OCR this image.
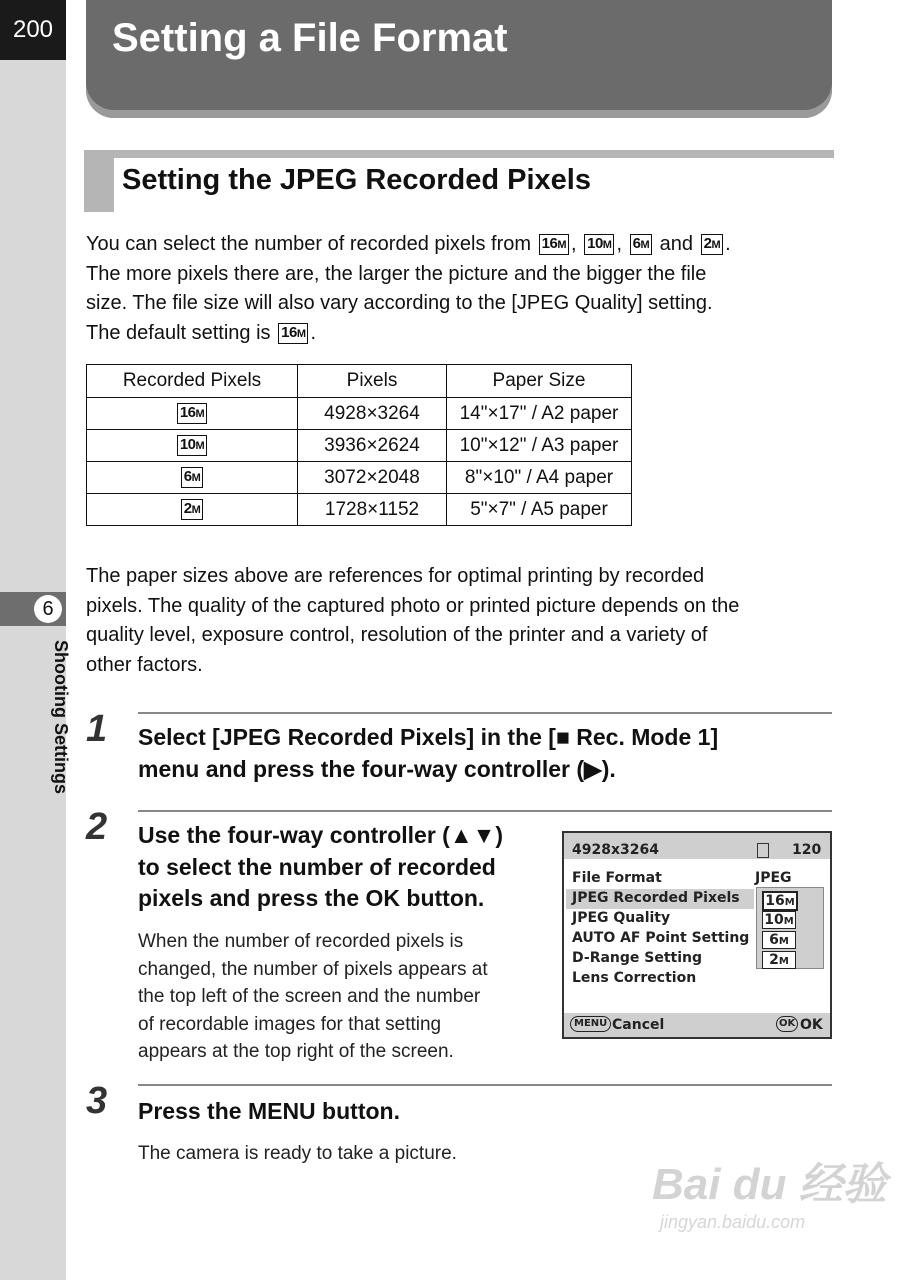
200
6
Shooting Settings
Setting a File Format
Setting the JPEG Recorded Pixels

You can select the number of recorded pixels from 16M , 10M , 6M and 2M .
The more pixels there are, the larger the picture and the bigger the file
size. The file size will also vary according to the [JPEG Quality] setting.
The default setting is 16M .

Recorded Pixels	Pixels	Paper Size
16M	4928×3264	14"×17" / A2 paper
10M	3936×2624	10"×12" / A3 paper
6M	3072×2048	8"×10" / A4 paper
2M	1728×1152	5"×7" / A5 paper

The paper sizes above are references for optimal printing by recorded
pixels. The quality of the captured photo or printed picture depends on the
quality level, exposure control, resolution of the printer and a variety of
other factors.

1 Select [JPEG Recorded Pixels] in the [■ Rec. Mode 1]
menu and press the four-way controller (▶).

2 Use the four-way controller (▲▼)
to select the number of recorded
pixels and press the OK button.

When the number of recorded pixels is
changed, the number of pixels appears at
the top left of the screen and the number
of recordable images for that setting
appears at the top right of the screen.

4928x3264	120
File Format	JPEG
JPEG Recorded Pixels
JPEG Quality
AUTO AF Point Setting
D-Range Setting
Lens Correction
16M
10M
6M
2M
MENU Cancel	OK OK
3 Press the MENU button.

The camera is ready to take a picture.

Bai du 经验
jingyan.baidu.com
